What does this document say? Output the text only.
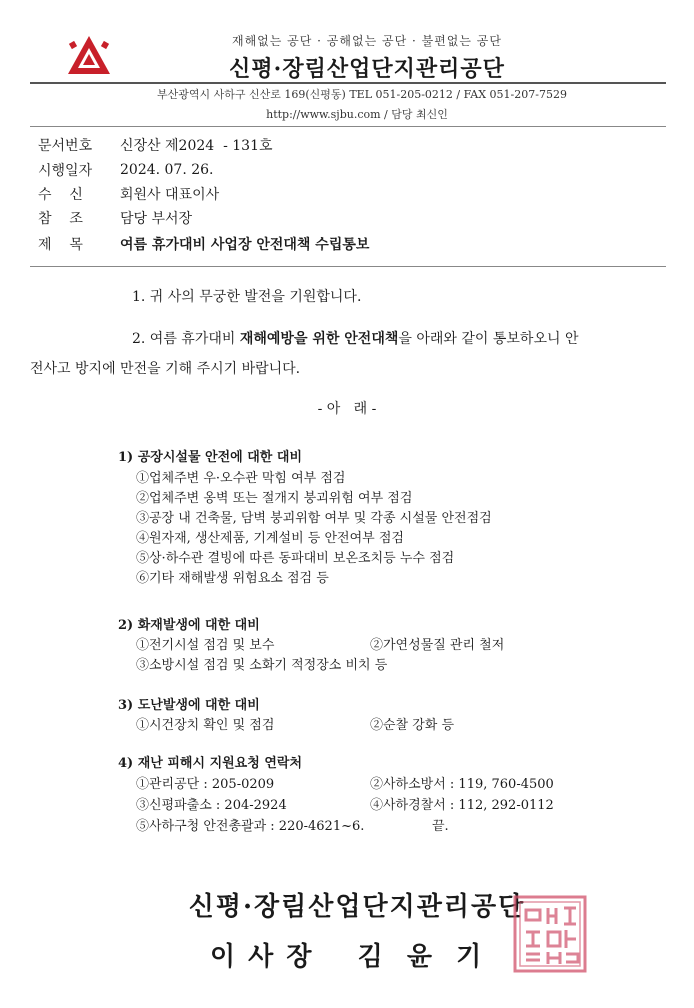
재해없는 공단 · 공해없는 공단 · 불편없는 공단
신평·장림산업단지관리공단
부산광역시 사하구 신산로 169(신평동) TEL 051-205-0212 / FAX 051-207-7529
http://www.sjbu.com / 담당 최신인
문서번호	신장산 제2024  - 131호
시행일자	2024. 07. 26.
수    신	회원사 대표이사
참    조	담당 부서장
제    목	여름 휴가대비 사업장 안전대책 수립통보
1. 귀 사의 무궁한 발전을 기원합니다.
2. 여름 휴가대비 재해예방을 위한 안전대책을 아래와 같이 통보하오니 안
전사고 방지에 만전을 기해 주시기 바랍니다.
- 아   래 -
1) 공장시설물 안전에 대한 대비
①업체주변 우·오수관 막힘 여부 점검
②업체주변 옹벽 또는 절개지 붕괴위험 여부 점검
③공장 내 건축물, 담벽 붕괴위함 여부 및 각종 시설물 안전점검
④원자재, 생산제품, 기계설비 등 안전여부 점검
⑤상·하수관 결빙에 따른 동파대비 보온조치등 누수 점검
⑥기타 재해발생 위험요소 점검 등
2) 화재발생에 대한 대비
①전기시설 점검 및 보수	②가연성물질 관리 철저
③소방시설 점검 및 소화기 적정장소 비치 등
3) 도난발생에 대한 대비
①시건장치 확인 및 점검	②순찰 강화 등
4) 재난 피해시 지원요청 연락처
①관리공단 : 205-0209	②사하소방서 : 119, 760-4500
③신평파출소 : 204-2924	④사하경찰서 : 112, 292-0112
⑤사하구청 안전총괄과 : 220-4621~6.	끝.
신평·장림산업단지관리공단
이 사 장    김  윤  기
